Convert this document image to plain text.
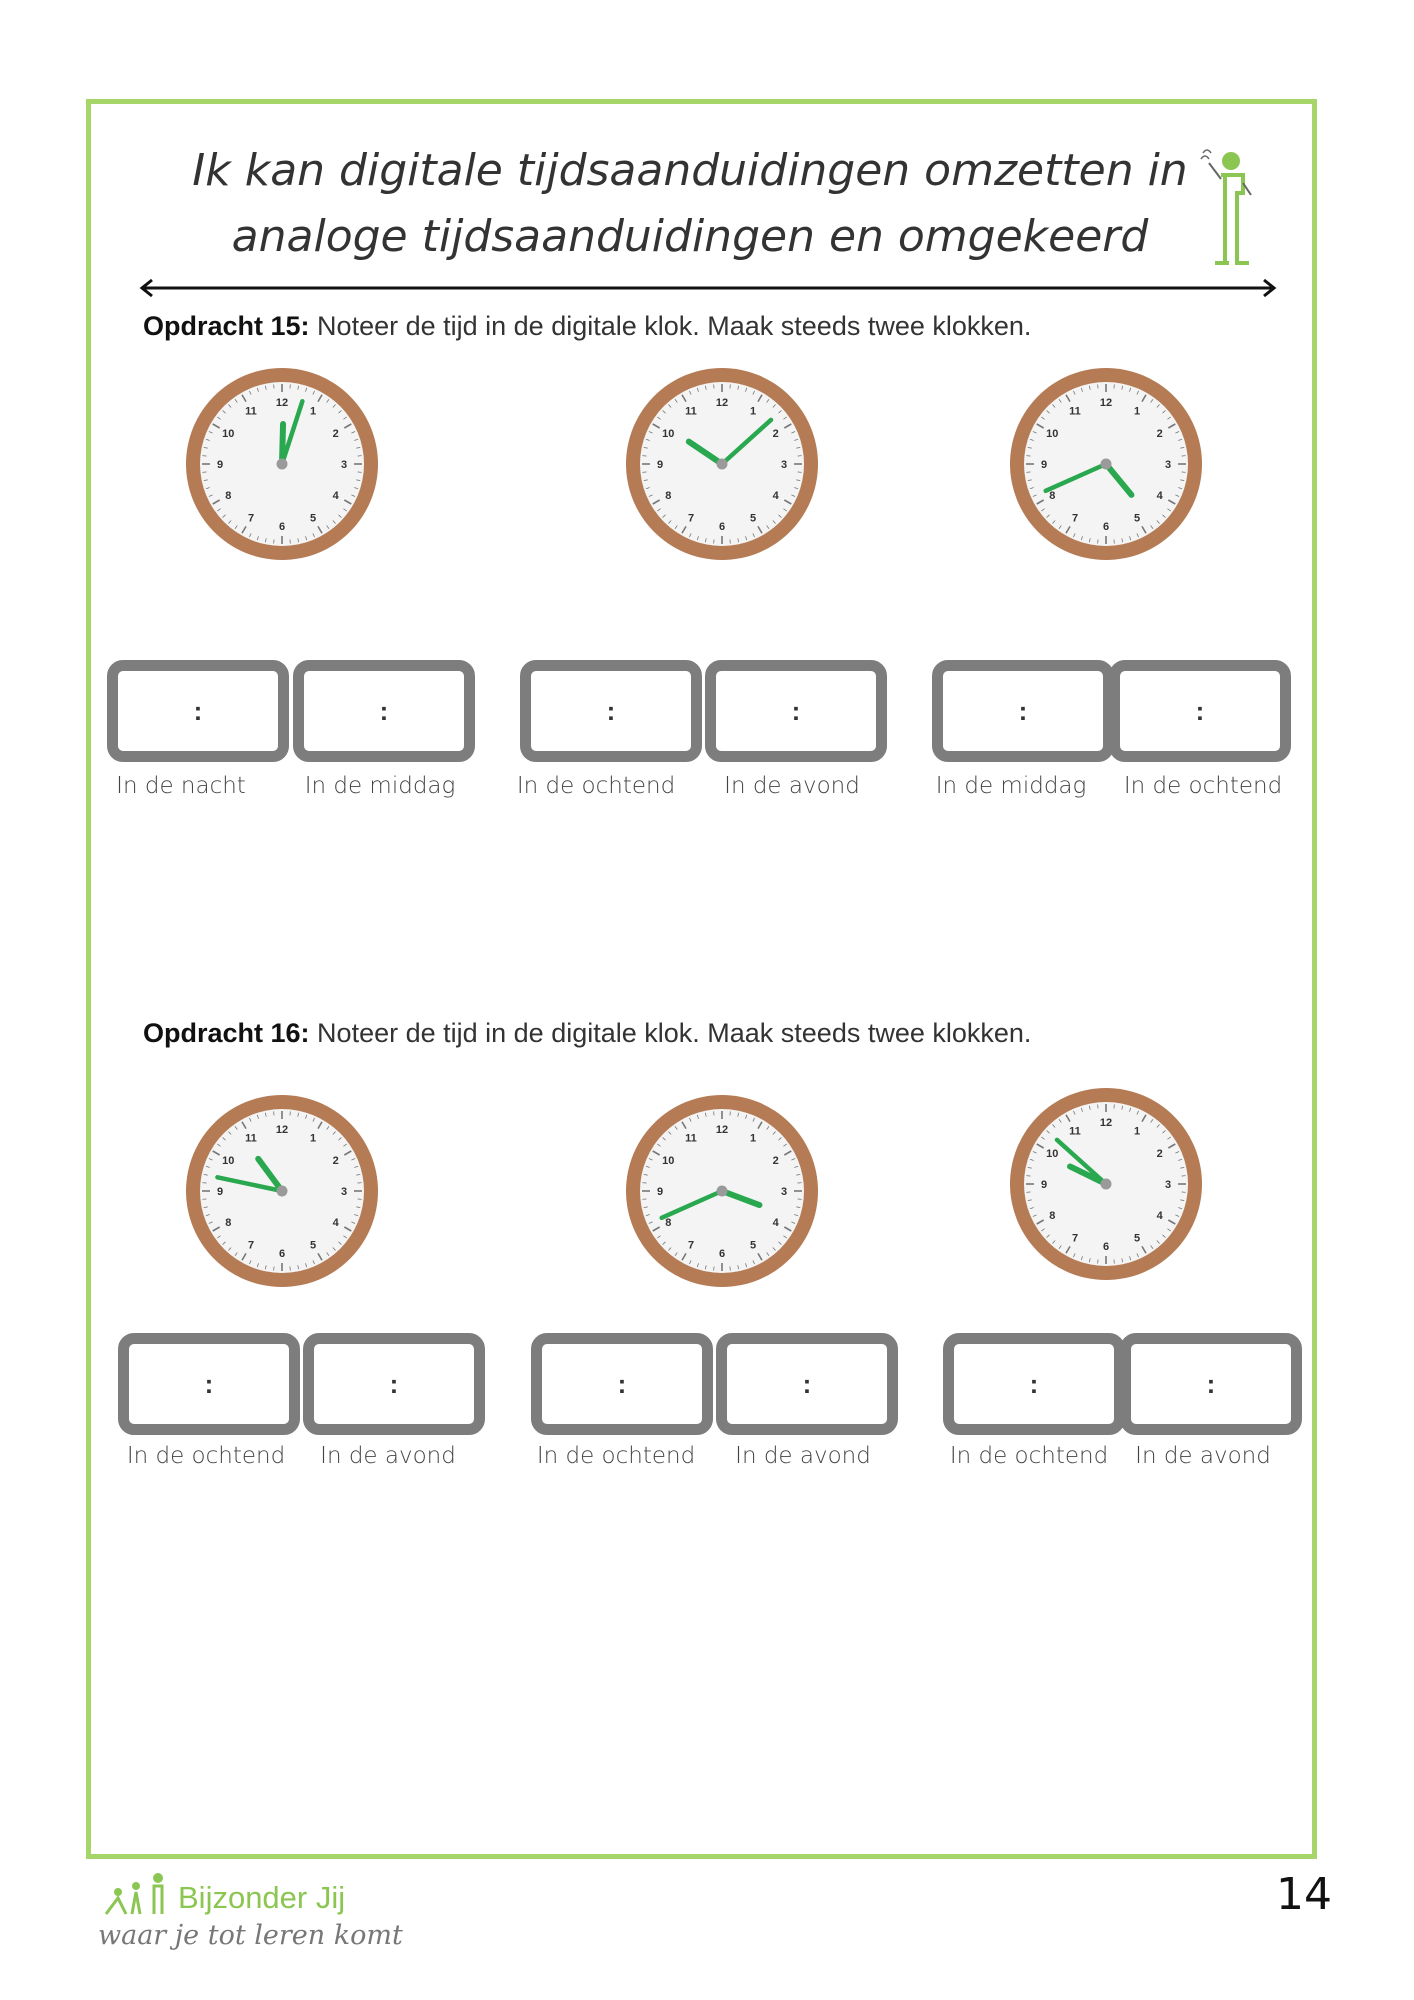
Ik kan digitale tijdsaanduidingen omzetten in
analoge tijdsaanduidingen en omgekeerd
Opdracht 15: Noteer de tijd in de digitale klok. Maak steeds twee klokken.
Opdracht 16: Noteer de tijd in de digitale klok. Maak steeds twee klokken.
1
2
3
4
5
6
7
8
9
10
11
12
1
2
3
4
5
6
7
8
9
10
11
12
1
2
3
4
5
6
7
8
9
10
11
12
1
2
3
4
5
6
7
8
9
10
11
12
1
2
3
4
5
6
7
8
9
10
11
12	1
2
3
4
5
6
7
8
9
10
11
12
:	:	:	:	:	:
In de nacht	In de middag	In de ochtend	In de avond	In de middag	In de ochtend
:	:	:	:	:	:
In de ochtend	In de avond	In de ochtend	In de avond	In de ochtend	In de avond
14
Bijzonder Jij
waar je tot leren komt
